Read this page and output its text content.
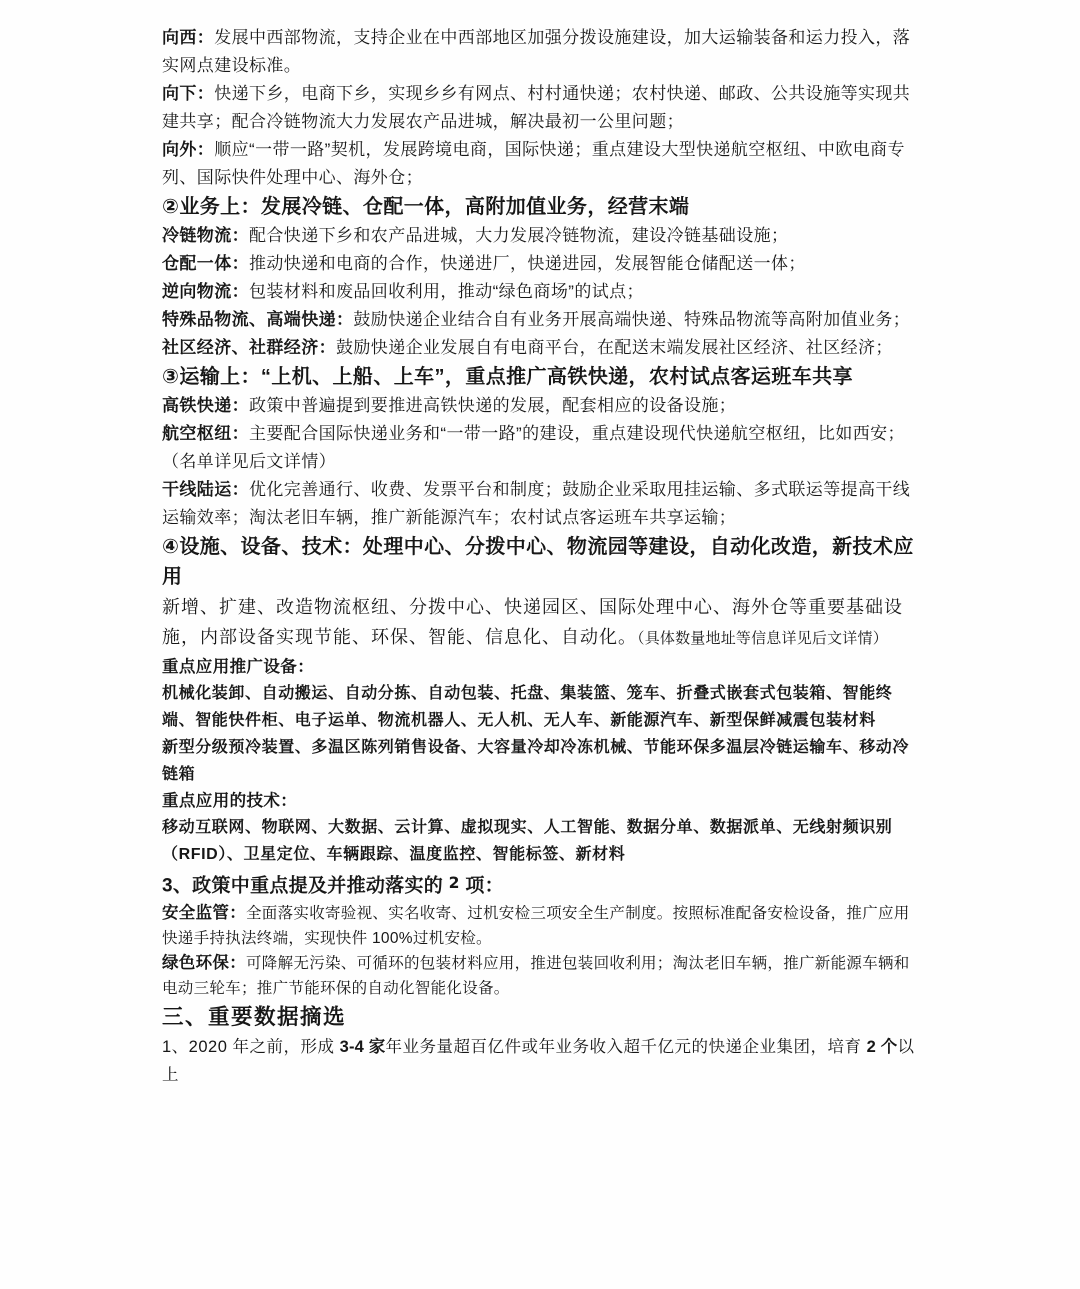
向西：发展中西部物流，支持企业在中西部地区加强分拨设施建设，加大运输装备和运力投入，落实网点建设标准。

向下：快递下乡，电商下乡，实现乡乡有网点、村村通快递；农村快递、邮政、公共设施等实现共建共享；配合冷链物流大力发展农产品进城，解决最初一公里问题；

向外：顺应“一带一路”契机，发展跨境电商，国际快递；重点建设大型快递航空枢纽、中欧电商专列、国际快件处理中心、海外仓；

②业务上：发展冷链、仓配一体，高附加值业务，经营末端

冷链物流：配合快递下乡和农产品进城，大力发展冷链物流，建设冷链基础设施；

仓配一体：推动快递和电商的合作，快递进厂，快递进园，发展智能仓储配送一体；

逆向物流：包装材料和废品回收利用，推动“绿色商场”的试点；

特殊品物流、高端快递：鼓励快递企业结合自有业务开展高端快递、特殊品物流等高附加值业务；

社区经济、社群经济：鼓励快递企业发展自有电商平台，在配送末端发展社区经济、社区经济；

③运输上：“上机、上船、上车”，重点推广高铁快递，农村试点客运班车共享

高铁快递：政策中普遍提到要推进高铁快递的发展，配套相应的设备设施；

航空枢纽：主要配合国际快递业务和“一带一路”的建设，重点建设现代快递航空枢纽，比如西安；（名单详见后文详情）

干线陆运：优化完善通行、收费、发票平台和制度；鼓励企业采取甩挂运输、多式联运等提高干线运输效率；淘汰老旧车辆，推广新能源汽车；农村试点客运班车共享运输；

④设施、设备、技术：处理中心、分拨中心、物流园等建设，自动化改造，新技术应用

新增、扩建、改造物流枢纽、分拨中心、快递园区、国际处理中心、海外仓等重要基础设施，内部设备实现节能、环保、智能、信息化、自动化。（具体数量地址等信息详见后文详情）

重点应用推广设备：

机械化装卸、自动搬运、自动分拣、自动包装、托盘、集装篮、笼车、折叠式嵌套式包装箱、智能终端、智能快件柜、电子运单、物流机器人、无人机、无人车、新能源汽车、新型保鲜减震包装材料

新型分级预冷装置、多温区陈列销售设备、大容量冷却冷冻机械、节能环保多温层冷链运输车、移动冷链箱

重点应用的技术：

移动互联网、物联网、大数据、云计算、虚拟现实、人工智能、数据分单、数据派单、无线射频识别（RFID）、卫星定位、车辆跟踪、温度监控、智能标签、新材料

3、政策中重点提及并推动落实的 $^2$ 项：

安全监管：全面落实收寄验视、实名收寄、过机安检三项安全生产制度。按照标准配备安检设备，推广应用快递手持执法终端，实现快件 100%过机安检。

绿色环保：可降解无污染、可循环的包装材料应用，推进包装回收利用；淘汰老旧车辆，推广新能源车辆和电动三轮车；推广节能环保的自动化智能化设备。

三、重要数据摘选

1、2020 年之前，形成 3-4 家年业务量超百亿件或年业务收入超千亿元的快递企业集团，培育 2 个以上
